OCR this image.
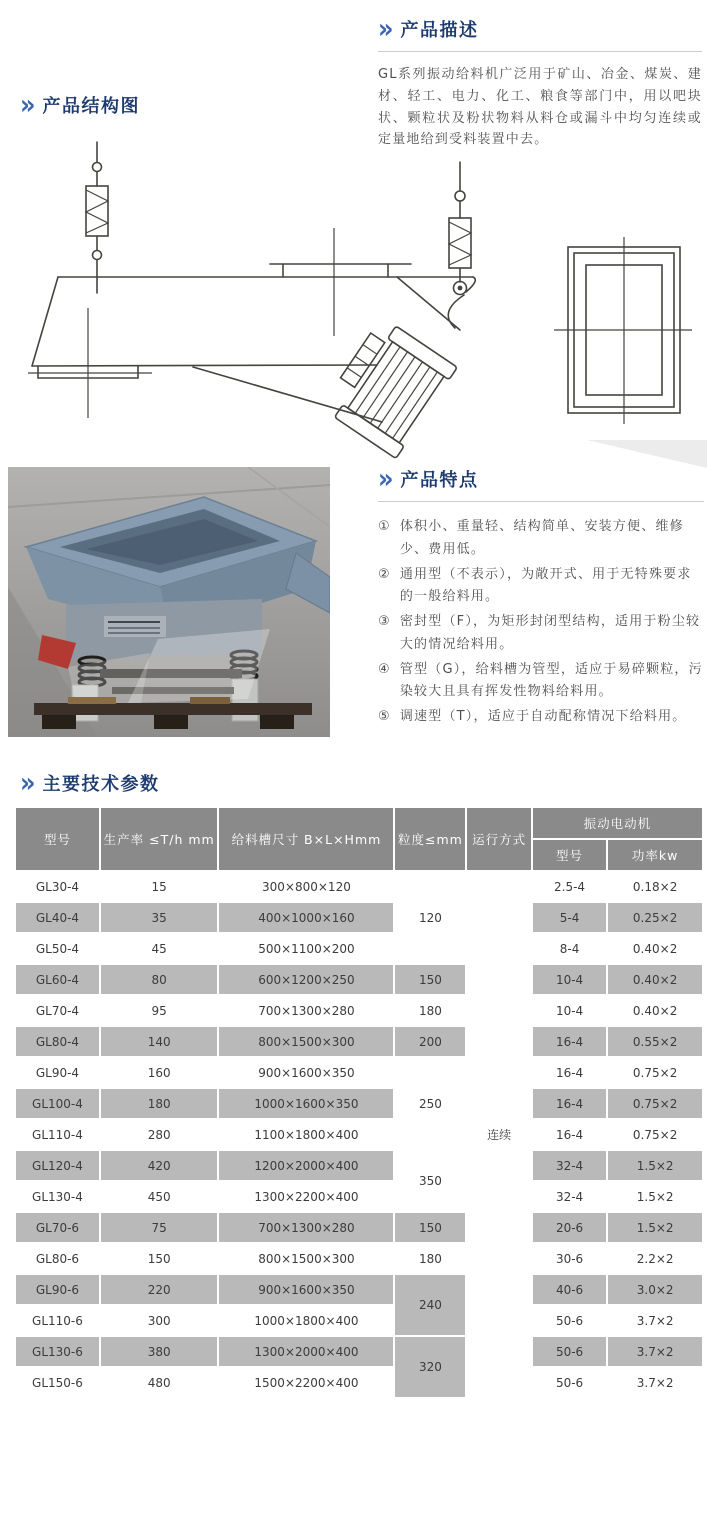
» 产品描述

GL系列振动给料机广泛用于矿山、冶金、煤炭、建材、轻工、电力、化工、粮食等部门中，用以吧块状、颗粒状及粉状物料从料仓或漏斗中均匀连续或定量地给到受料装置中去。

» 产品结构图
» 产品特点
① 体积小、重量轻、结构简单、安装方便、维修少、费用低。
② 通用型（不表示），为敞开式、用于无特殊要求的一般给料用。
③ 密封型（F），为矩形封闭型结构，适用于粉尘较大的情况给料用。
④ 管型（G），给料槽为管型，适应于易碎颗粒，污染较大且具有挥发性物料给料用。
⑤ 调速型（T），适应于自动配称情况下给料用。
» 主要技术参数
型号	生产率 ≤T/h mm	给料槽尺寸 B×L×Hmm	粒度≤mm	运行方式	振动电动机	
					型号	功率kw
GL30-4	15	300×800×120	120	连续	2.5-4	0.18×2
GL40-4	35	400×1000×160			5-4	0.25×2
GL50-4	45	500×1100×200			8-4	0.40×2
GL60-4	80	600×1200×250	150		10-4	0.40×2
GL70-4	95	700×1300×280	180		10-4	0.40×2
GL80-4	140	800×1500×300	200		16-4	0.55×2
GL90-4	160	900×1600×350	250		16-4	0.75×2
GL100-4	180	1000×1600×350			16-4	0.75×2
GL110-4	280	1100×1800×400			16-4	0.75×2
GL120-4	420	1200×2000×400	350		32-4	1.5×2
GL130-4	450	1300×2200×400			32-4	1.5×2
GL70-6	75	700×1300×280	150		20-6	1.5×2
GL80-6	150	800×1500×300	180		30-6	2.2×2
GL90-6	220	900×1600×350	240		40-6	3.0×2
GL110-6	300	1000×1800×400			50-6	3.7×2
GL130-6	380	1300×2000×400	320		50-6	3.7×2
GL150-6	480	1500×2200×400			50-6	3.7×2
